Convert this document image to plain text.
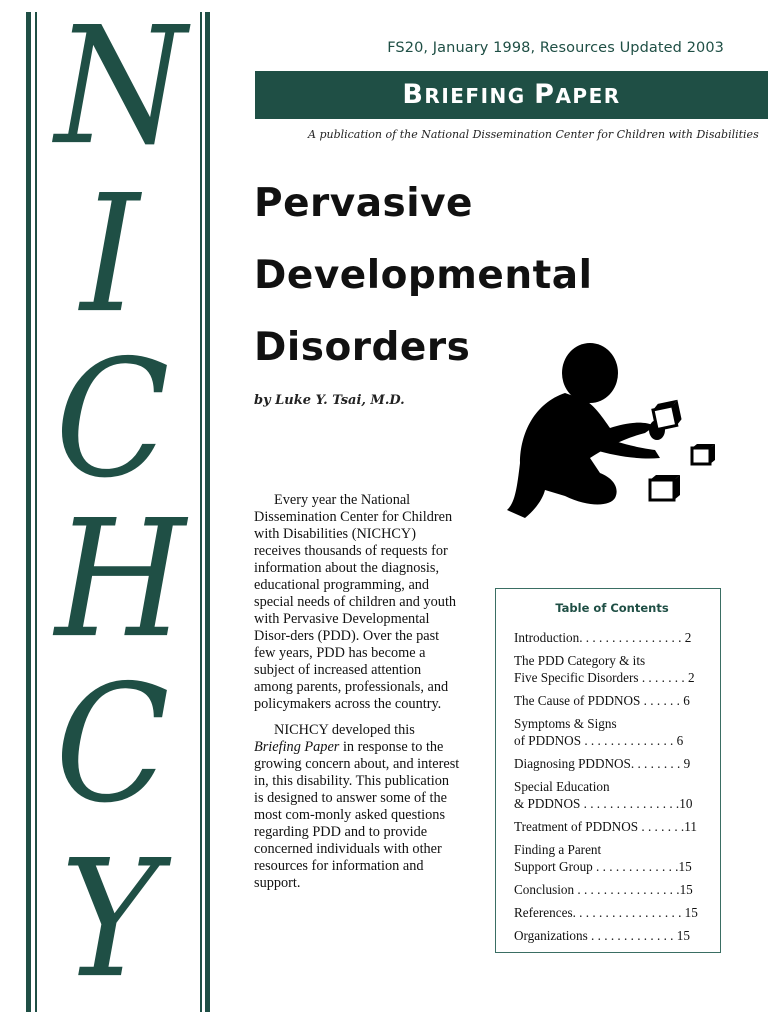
N
I
C
H
C
Y
FS20, January 1998, Resources Updated 2003
BRIEFING PAPER
A publication of the National Dissemination Center for Children with Disabilities
Pervasive
Developmental
Disorders
by Luke Y. Tsai, M.D.

Every year the National Dissemination Center for Children with Disabilities (NICHCY) receives thousands of requests for information about the diagnosis, educational programming, and special needs of children and youth with Pervasive Developmental Disor-ders (PDD). Over the past few years, PDD has become a subject of increased attention among parents, professionals, and policymakers across the country.

NICHCY developed this Briefing Paper in response to the growing concern about, and interest in, this disability. This publication is designed to answer some of the most com-monly asked questions regarding PDD and to provide concerned individuals with other resources for information and support.

Table of Contents
Introduction. . . . . . . . . . . . . . . . 2
The PDD Category & its
Five Specific Disorders . . . . . . . 2
The Cause of PDDNOS . . . . . . 6
Symptoms & Signs
of PDDNOS . . . . . . . . . . . . . . 6
Diagnosing PDDNOS. . . . . . . . 9
Special Education
& PDDNOS . . . . . . . . . . . . . . .10
Treatment of PDDNOS . . . . . . .11
Finding a Parent
Support Group . . . . . . . . . . . . .15
Conclusion . . . . . . . . . . . . . . . .15
References. . . . . . . . . . . . . . . . . 15
Organizations . . . . . . . . . . . . . 15
